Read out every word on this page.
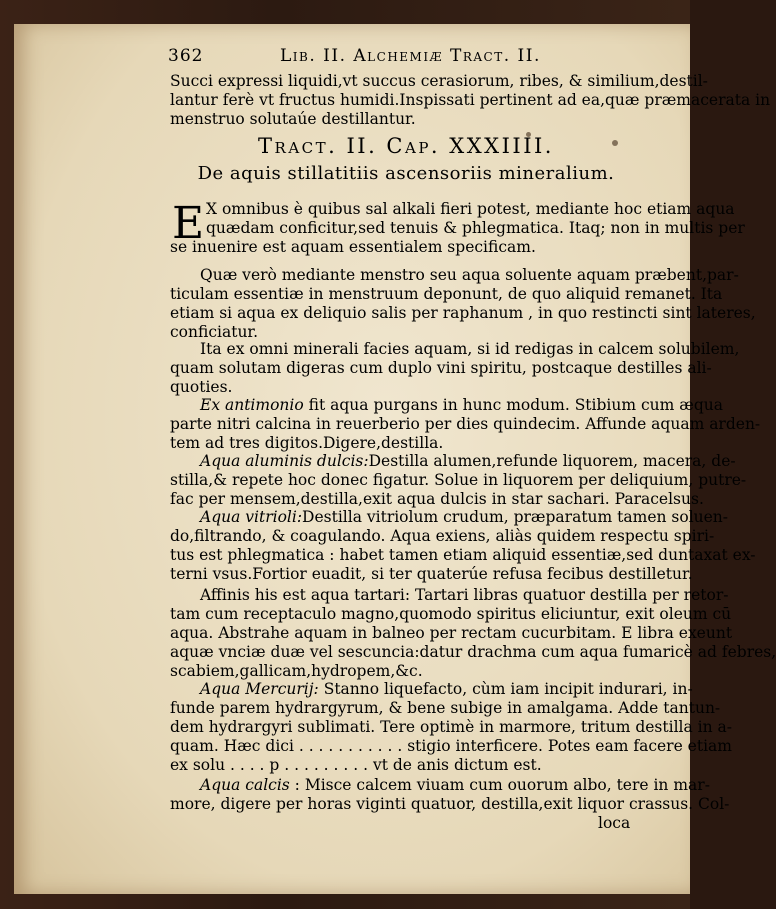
362	Lib. II. Alchemiæ Tract. II.
Succi expressi liquidi,vt succus cerasiorum, ribes, & similium,destil-
lantur ferè vt fructus humidi.Inspissati pertinent ad ea,quæ præmacerata in
menstruo solutaúe destillantur.
Tract. II. Cap. XXXIIII.
De aquis stillatitiis ascensoriis mineralium.
E X omnibus è quibus sal alkali fieri potest, mediante hoc etiam aqua
quædam conficitur,sed tenuis & phlegmatica. Itaq; non in multis per
se inuenire est aquam essentialem specificam.
Quæ verò mediante menstro seu aqua soluente aquam præbent,par-
ticulam essentiæ in menstruum deponunt, de quo aliquid remanet. Ita
etiam si aqua ex deliquio salis per raphanum , in quo restincti sint lateres,
conficiatur.
Ita ex omni minerali facies aquam, si id redigas in calcem solubilem,
quam solutam digeras cum duplo vini spiritu, postcaque destilles ali-
quoties.
Ex antimonio fit aqua purgans in hunc modum. Stibium cum æqua
parte nitri calcina in reuerberio per dies quindecim. Affunde aquam arden-
tem ad tres digitos.Digere,destilla.
Aqua aluminis dulcis:Destilla alumen,refunde liquorem, macera, de-
stilla,& repete hoc donec figatur. Solue in liquorem per deliquium, putre-
fac per mensem,destilla,exit aqua dulcis in star sachari. Paracelsus.
Aqua vitrioli:Destilla vitriolum crudum, præparatum tamen soluen-
do,filtrando, & coagulando. Aqua exiens, aliàs quidem respectu spiri-
tus est phlegmatica : habet tamen etiam aliquid essentiæ,sed duntaxat ex-
terni vsus.Fortior euadit, si ter quaterúe refusa fecibus destilletur.
Affinis his est aqua tartari: Tartari libras quatuor destilla per retor-
tam cum receptaculo magno,quomodo spiritus eliciuntur, exit oleum cū
aqua. Abstrahe aquam in balneo per rectam cucurbitam. E libra exeunt
aquæ vnciæ duæ vel sescuncia:datur drachma cum aqua fumaricè ad febres,
scabiem,gallicam,hydropem,&c.
Aqua Mercurij: Stanno liquefacto, cùm iam incipit indurari, in-
funde parem hydrargyrum, & bene subige in amalgama. Adde tantun-
dem hydrargyri sublimati. Tere optimè in marmore, tritum destilla in a-
quam. Hæc dici . . . . . . . . . . . stigio interficere. Potes eam facere etiam
ex solu . . . . p . . . . . . . . . vt de anis dictum est.
Aqua calcis : Misce calcem viuam cum ouorum albo, tere in mar-
more, digere per horas viginti quatuor, destilla,exit liquor crassus. Col-
loca
